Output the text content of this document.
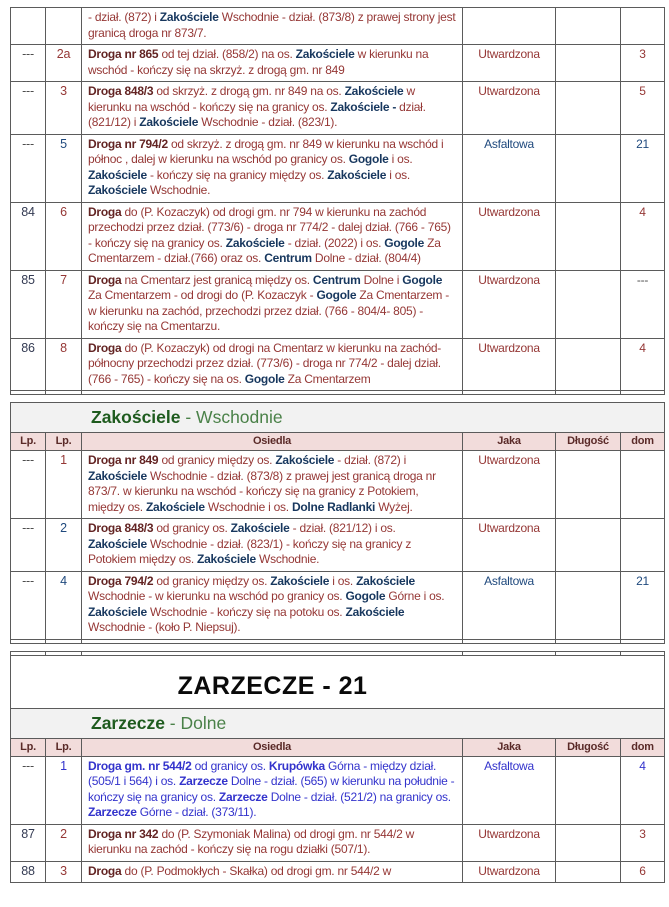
		- dział. (872) i Zakościele Wschodnie - dział. (873/8) z prawej strony jest granicą droga nr 873/7.			
---	2a	Droga nr 865 od tej dział. (858/2) na os. Zakościele w kierunku na wschód - kończy się na skrzyż. z drogą gm. nr 849	Utwardzona		3
---	3	Droga 848/3 od skrzyż. z drogą gm. nr 849 na os. Zakościele w kierunku na wschód - kończy się na granicy os. Zakościele - dział. (821/12) i Zakościele Wschodnie - dział. (823/1).	Utwardzona		5
---	5	Droga nr 794/2 od skrzyż. z drogą gm. nr 849 w kierunku na wschód i północ , dalej w kierunku na wschód po granicy os. Gogole i os. Zakościele - kończy się na granicy między os. Zakościele i os. Zakościele Wschodnie.	Asfaltowa		21
84	6	Droga do (P. Kozaczyk) od drogi gm. nr 794 w kierunku na zachód przechodzi przez dział. (773/6) - droga nr 774/2 - dalej dział. (766 - 765) - kończy się na granicy os. Zakościele - dział. (2022) i os. Gogole Za Cmentarzem - dział.(766) oraz os. Centrum Dolne - dział. (804/4)	Utwardzona		4
85	7	Droga na Cmentarz jest granicą między os. Centrum Dolne i Gogole Za Cmentarzem - od drogi do (P. Kozaczyk - Gogole Za Cmentarzem - w kierunku na zachód, przechodzi przez dział. (766 - 804/4- 805) - kończy się na Cmentarzu.	Utwardzona		---
86	8	Droga do (P. Kozaczyk) od drogi na Cmentarz w kierunku na zachód-północny przechodzi przez dział. (773/6) - droga nr 774/2 - dalej dział. (766 - 765) - kończy się na os. Gogole Za Cmentarzem	Utwardzona		4

Zakościele - Wschodnie					
Lp.	Lp.	Osiedla	Jaka	Długość	dom
---	1	Droga nr 849 od granicy między os. Zakościele - dział. (872) i Zakościele Wschodnie - dział. (873/8) z prawej jest granicą droga nr 873/7. w kierunku na wschód - kończy się na granicy z Potokiem, między os. Zakościele Wschodnie i os. Dolne Radlanki Wyżej.	Utwardzona		
---	2	Droga 848/3 od granicy os. Zakościele - dział. (821/12) i os. Zakościele Wschodnie - dział. (823/1) - kończy się na granicy z Potokiem między os. Zakościele Wschodnie.	Utwardzona		
---	4	Droga 794/2 od granicy między os. Zakościele i os. Zakościele Wschodnie - w kierunku na wschód po granicy os. Gogole Górne i os. Zakościele Wschodnie - kończy się na potoku os. Zakościele Wschodnie - (koło P. Niepsuj).	Asfaltowa		21

ZARZECZE - 21					
Zarzecze - Dolne					
Lp.	Lp.	Osiedla	Jaka	Długość	dom
---	1	Droga gm. nr 544/2 od granicy os. Krupówka Górna - między dział. (505/1 i 564) i os. Zarzecze Dolne - dział. (565) w kierunku na południe - kończy się na granicy os. Zarzecze Dolne - dział. (521/2) na granicy os. Zarzecze Górne - dział. (373/11).	Asfaltowa		4
87	2	Droga nr 342 do (P. Szymoniak Malina) od drogi gm. nr 544/2 w kierunku na zachód - kończy się na rogu działki (507/1).	Utwardzona		3
88	3	Droga do (P. Podmokłych - Skałka) od drogi gm. nr 544/2 w	Utwardzona		6
